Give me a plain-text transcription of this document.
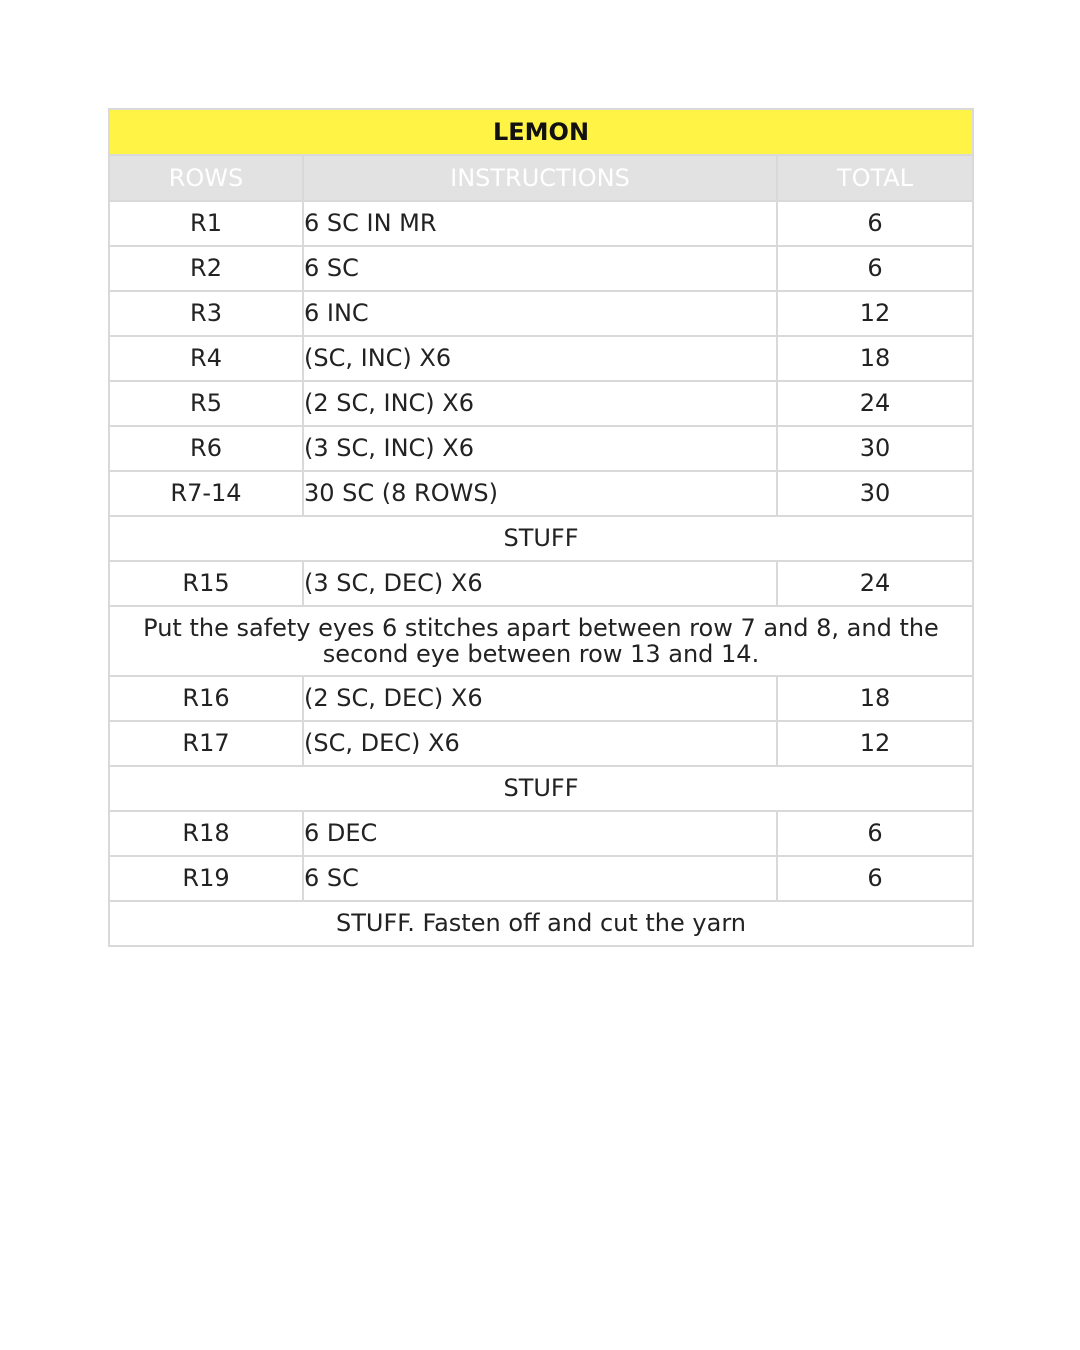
LEMON		
ROWS	INSTRUCTIONS	TOTAL
R1	6 SC IN MR	6
R2	6 SC	6
R3	6 INC	12
R4	(SC, INC) X6	18
R5	(2 SC, INC) X6	24
R6	(3 SC, INC) X6	30
R7-14	30 SC (8 ROWS)	30
STUFF		
R15	(3 SC, DEC) X6	24
Put the safety eyes 6 stitches apart between row 7 and 8, and the second eye between row 13 and 14.		
R16	(2 SC, DEC) X6	18
R17	(SC, DEC) X6	12
STUFF		
R18	6 DEC	6
R19	6 SC	6
STUFF. Fasten off and cut the yarn		
